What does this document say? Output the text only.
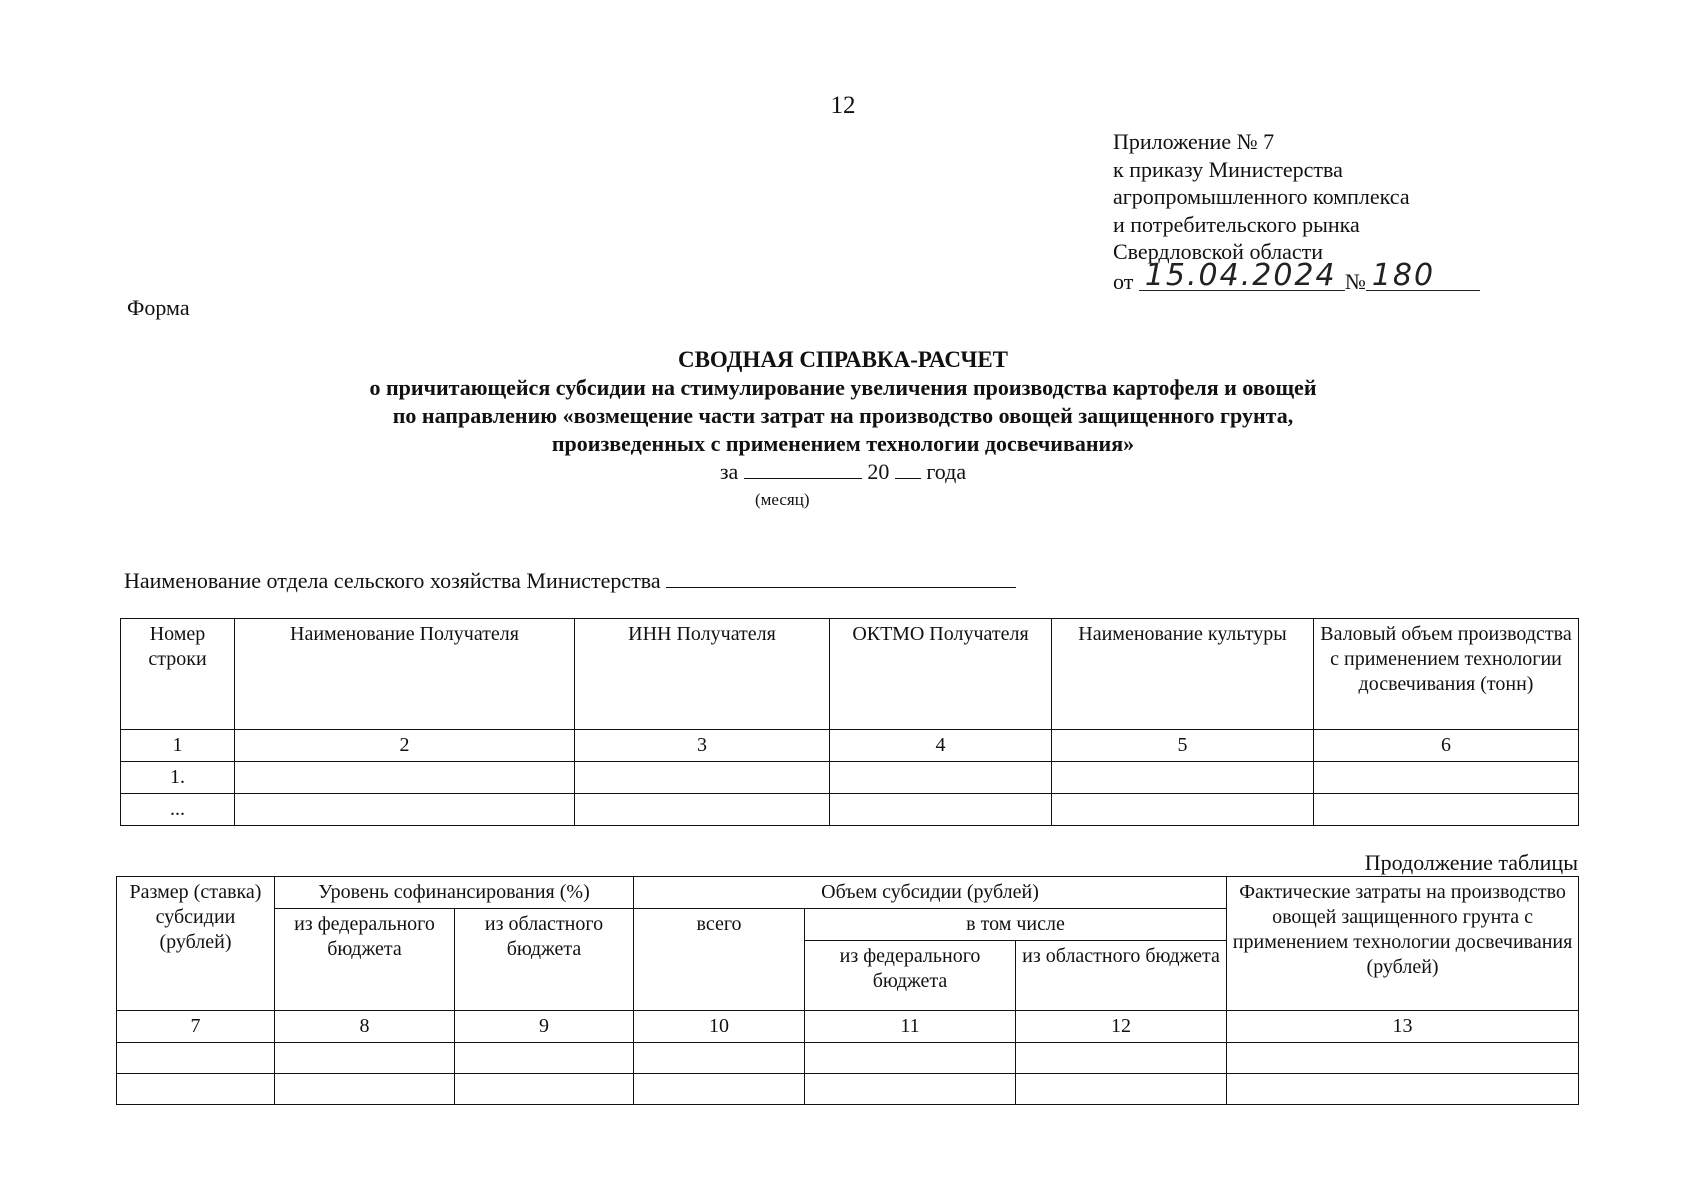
12
Приложение № 7
к приказу Министерства
агропромышленного комплекса
и потребительского рынка
Свердловской области
от 15.04.2024 № 180
Форма
СВОДНАЯ СПРАВКА-РАСЧЕТ
о причитающейся субсидии на стимулирование увеличения производства картофеля и овощей
по направлению «возмещение части затрат на производство овощей защищенного грунта,
произведенных с применением технологии досвечивания»
за	20 года
(месяц)
Наименование отдела сельского хозяйства Министерства
Номер строки	Наименование Получателя	ИНН Получателя	ОКТМО Получателя	Наименование культуры	Валовый объем производства с применением технологии досвечивания (тонн)
1	2	3	4	5	6
1.					
...					
Продолжение таблицы
Размер (ставка) субсидии (рублей)	Уровень софинансирования (%)		Объем субсидии (рублей)			Фактические затраты на производство овощей защищенного грунта с применением технологии досвечивания (рублей)
	из федерального бюджета	из областного бюджета	всего	в том числе		
				из федерального бюджета	из областного бюджета	
7	8	9	10	11	12	13
